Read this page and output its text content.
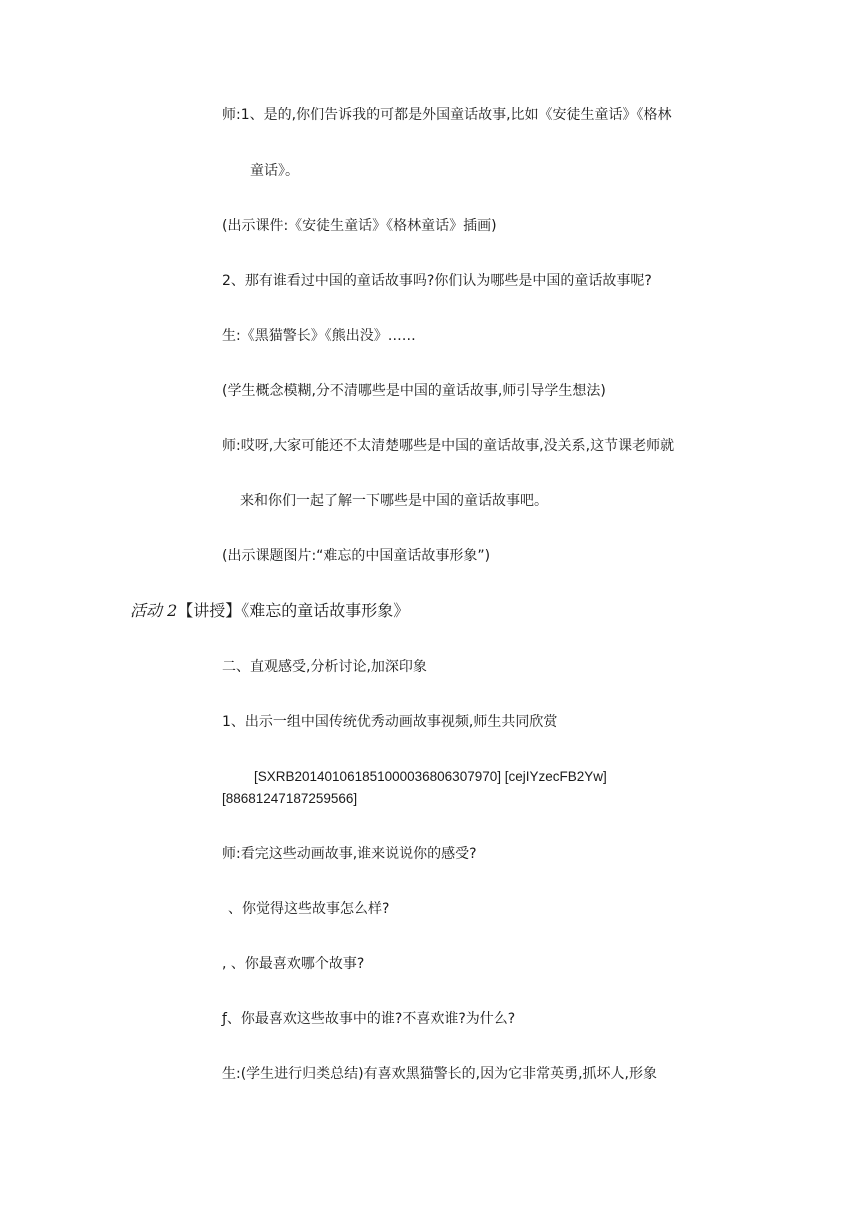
师:1、是的,你们告诉我的可都是外国童话故事,比如《安徒生童话》《格林
童话》。
(出示课件:《安徒生童话》《格林童话》插画)
2、那有谁看过中国的童话故事吗?你们认为哪些是中国的童话故事呢?
生:《黑猫警长》《熊出没》……
(学生概念模糊,分不清哪些是中国的童话故事,师引导学生想法)
师:哎呀,大家可能还不太清楚哪些是中国的童话故事,没关系,这节课老师就
来和你们一起了解一下哪些是中国的童话故事吧。
(出示课题图片:“难忘的中国童话故事形象”)
活动 2【讲授】《难忘的童话故事形象》
二、直观感受,分析讨论,加深印象
1、出示一组中国传统优秀动画故事视频,师生共同欣赏
[SXRB201401061851000036806307970] [cejIYzecFB2Yw]
[88681247187259566]
师:看完这些动画故事,谁来说说你的感受?
、你觉得这些故事怎么样?
, 、你最喜欢哪个故事?
ƒ、你最喜欢这些故事中的谁?不喜欢谁?为什么?
生:(学生进行归类总结)有喜欢黑猫警长的,因为它非常英勇,抓坏人,形象
